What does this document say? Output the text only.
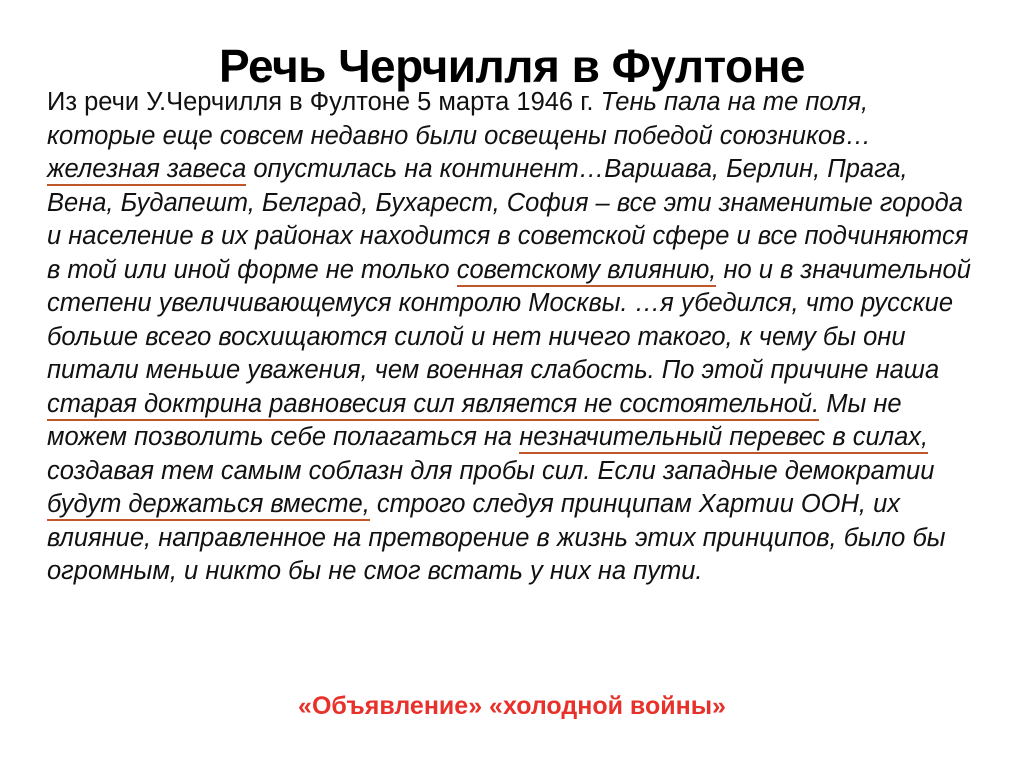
Речь Черчилля в Фултоне
Из речи У.Черчилля в Фултоне 5 марта 1946 г. Тень пала на те поля, которые еще совсем недавно были освещены победой союзников…железная завеса опустилась на континент…Варшава, Берлин, Прага, Вена, Будапешт, Белград, Бухарест, София – все эти знаменитые города и население в их районах находится в советской сфере и все подчиняются в той или иной форме не только советскому влиянию, но и в значительной степени увеличивающемуся контролю Москвы. …я убедился, что русские больше всего восхищаются силой и нет ничего такого, к чему бы они питали меньше уважения, чем военная слабость. По этой причине наша старая доктрина равновесия сил является не состоятельной. Мы не можем позволить себе полагаться на незначительный перевес в силах, создавая тем самым соблазн для пробы сил. Если западные демократии будут держаться вместе, строго следуя принципам Хартии ООН, их влияние, направленное на претворение в жизнь этих принципов, было бы огромным, и никто бы не смог встать у них на пути.
«Объявление» «холодной войны»
